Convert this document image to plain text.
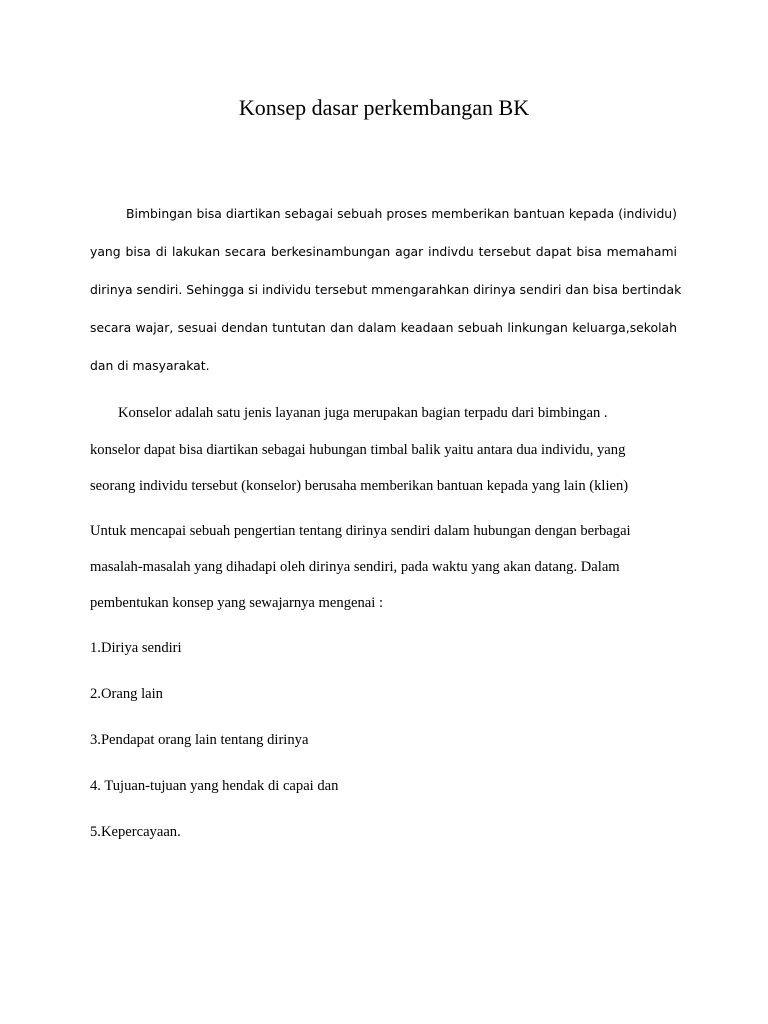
Konsep dasar perkembangan BK

Bimbingan bisa diartikan sebagai sebuah proses memberikan bantuan kepada (individu)

yang bisa di lakukan secara berkesinambungan agar indivdu tersebut dapat bisa memahami

dirinya sendiri. Sehingga si individu tersebut mmengarahkan dirinya sendiri dan bisa bertindak

secara wajar, sesuai dendan tuntutan dan dalam keadaan sebuah linkungan keluarga,sekolah

dan di masyarakat.

Konselor adalah satu jenis layanan juga merupakan bagian terpadu dari bimbingan .

konselor dapat bisa diartikan sebagai hubungan timbal balik yaitu antara dua individu, yang

seorang individu tersebut (konselor) berusaha memberikan bantuan kepada yang lain (klien)

Untuk mencapai sebuah pengertian tentang dirinya sendiri dalam hubungan dengan berbagai

masalah-masalah yang dihadapi oleh dirinya sendiri, pada waktu yang akan datang. Dalam

pembentukan konsep yang sewajarnya mengenai :

1.Diriya sendiri

2.Orang lain

3.Pendapat orang lain tentang dirinya

4. Tujuan-tujuan yang hendak di capai dan

5.Kepercayaan.
